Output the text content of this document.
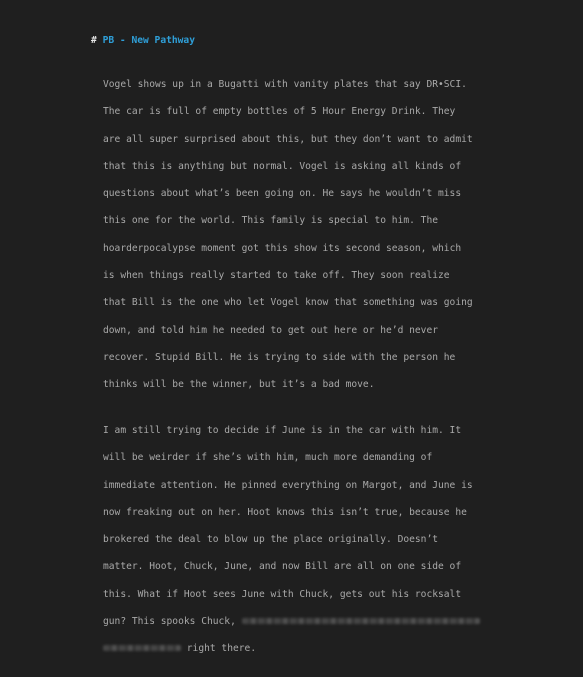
# PB - New Pathway
Vogel shows up in a Bugatti with vanity plates that say DR•SCI.
The car is full of empty bottles of 5 Hour Energy Drink. They
are all super surprised about this, but they don’t want to admit
that this is anything but normal. Vogel is asking all kinds of
questions about what’s been going on. He says he wouldn’t miss
this one for the world. This family is special to him. The
hoarderpocalypse moment got this show its second season, which
is when things really started to take off. They soon realize
that Bill is the one who let Vogel know that something was going
down, and told him he needed to get out here or he’d never
recover. Stupid Bill. He is trying to side with the person he
thinks will be the winner, but it’s a bad move.
I am still trying to decide if June is in the car with him. It
will be weirder if she’s with him, much more demanding of
immediate attention. He pinned everything on Margot, and June is
now freaking out on her. Hoot knows this isn’t true, because he
brokered the deal to blow up the place originally. Doesn’t
matter. Hoot, Chuck, June, and now Bill are all on one side of
this. What if Hoot sees June with Chuck, gets out his rocksalt
gun? This spooks Chuck,
right there.
